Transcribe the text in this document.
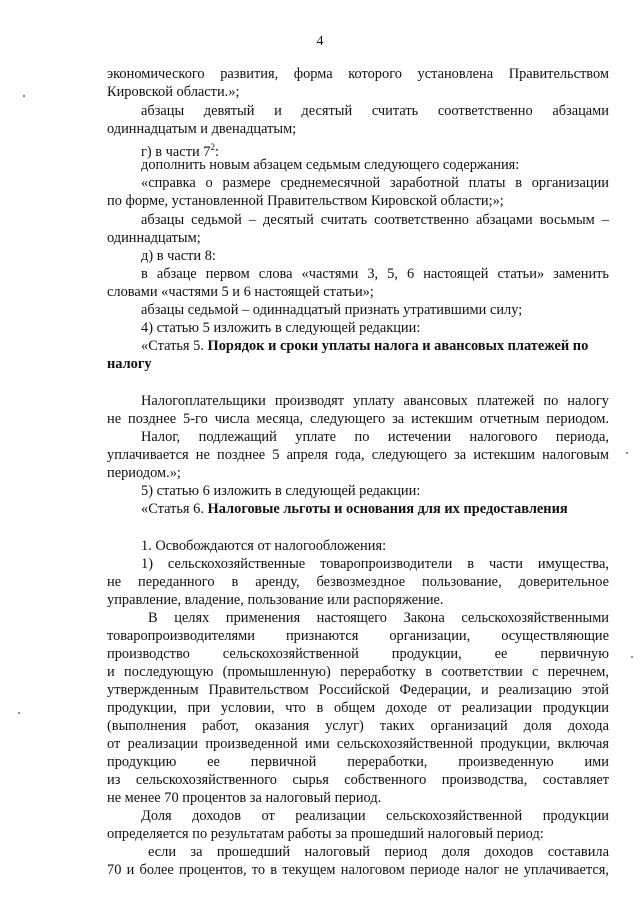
4
экономического развития, форма которого установлена Правительством
Кировской области.»;
абзацы девятый и десятый считать соответственно абзацами
одиннадцатым и двенадцатым;
г) в части $7^2$:
дополнить новым абзацем седьмым следующего содержания:
«справка о размере среднемесячной заработной платы в организации
по форме, установленной Правительством Кировской области;»;
абзацы седьмой – десятый считать соответственно абзацами восьмым –
одиннадцатым;
д) в части 8:
в абзаце первом слова «частями 3, 5, 6 настоящей статьи» заменить
словами «частями 5 и 6 настоящей статьи»;
абзацы седьмой – одиннадцатый признать утратившими силу;
4) статью 5 изложить в следующей редакции:
«Статья 5. Порядок и сроки уплаты налога и авансовых платежей по
налогу
Налогоплательщики производят уплату авансовых платежей по налогу
не позднее 5-го числа месяца, следующего за истекшим отчетным периодом.
Налог, подлежащий уплате по истечении налогового периода,
уплачивается не позднее 5 апреля года, следующего за истекшим налоговым
периодом.»;
5) статью 6 изложить в следующей редакции:
«Статья 6. Налоговые льготы и основания для их предоставления
1. Освобождаются от налогообложения:
1) сельскохозяйственные товаропроизводители в части имущества,
не переданного в аренду, безвозмездное пользование, доверительное
управление, владение, пользование или распоряжение.
В целях применения настоящего Закона сельскохозяйственными
товаропроизводителями признаются организации, осуществляющие
производство сельскохозяйственной продукции, ее первичную
и последующую (промышленную) переработку в соответствии с перечнем,
утвержденным Правительством Российской Федерации, и реализацию этой
продукции, при условии, что в общем доходе от реализации продукции
(выполнения работ, оказания услуг) таких организаций доля дохода
от реализации произведенной ими сельскохозяйственной продукции, включая
продукцию ее первичной переработки, произведенную ими
из сельскохозяйственного сырья собственного производства, составляет
не менее 70 процентов за налоговый период.
Доля доходов от реализации сельскохозяйственной продукции
определяется по результатам работы за прошедший налоговый период:
если за прошедший налоговый период доля доходов составила
70 и более процентов, то в текущем налоговом периоде налог не уплачивается,
